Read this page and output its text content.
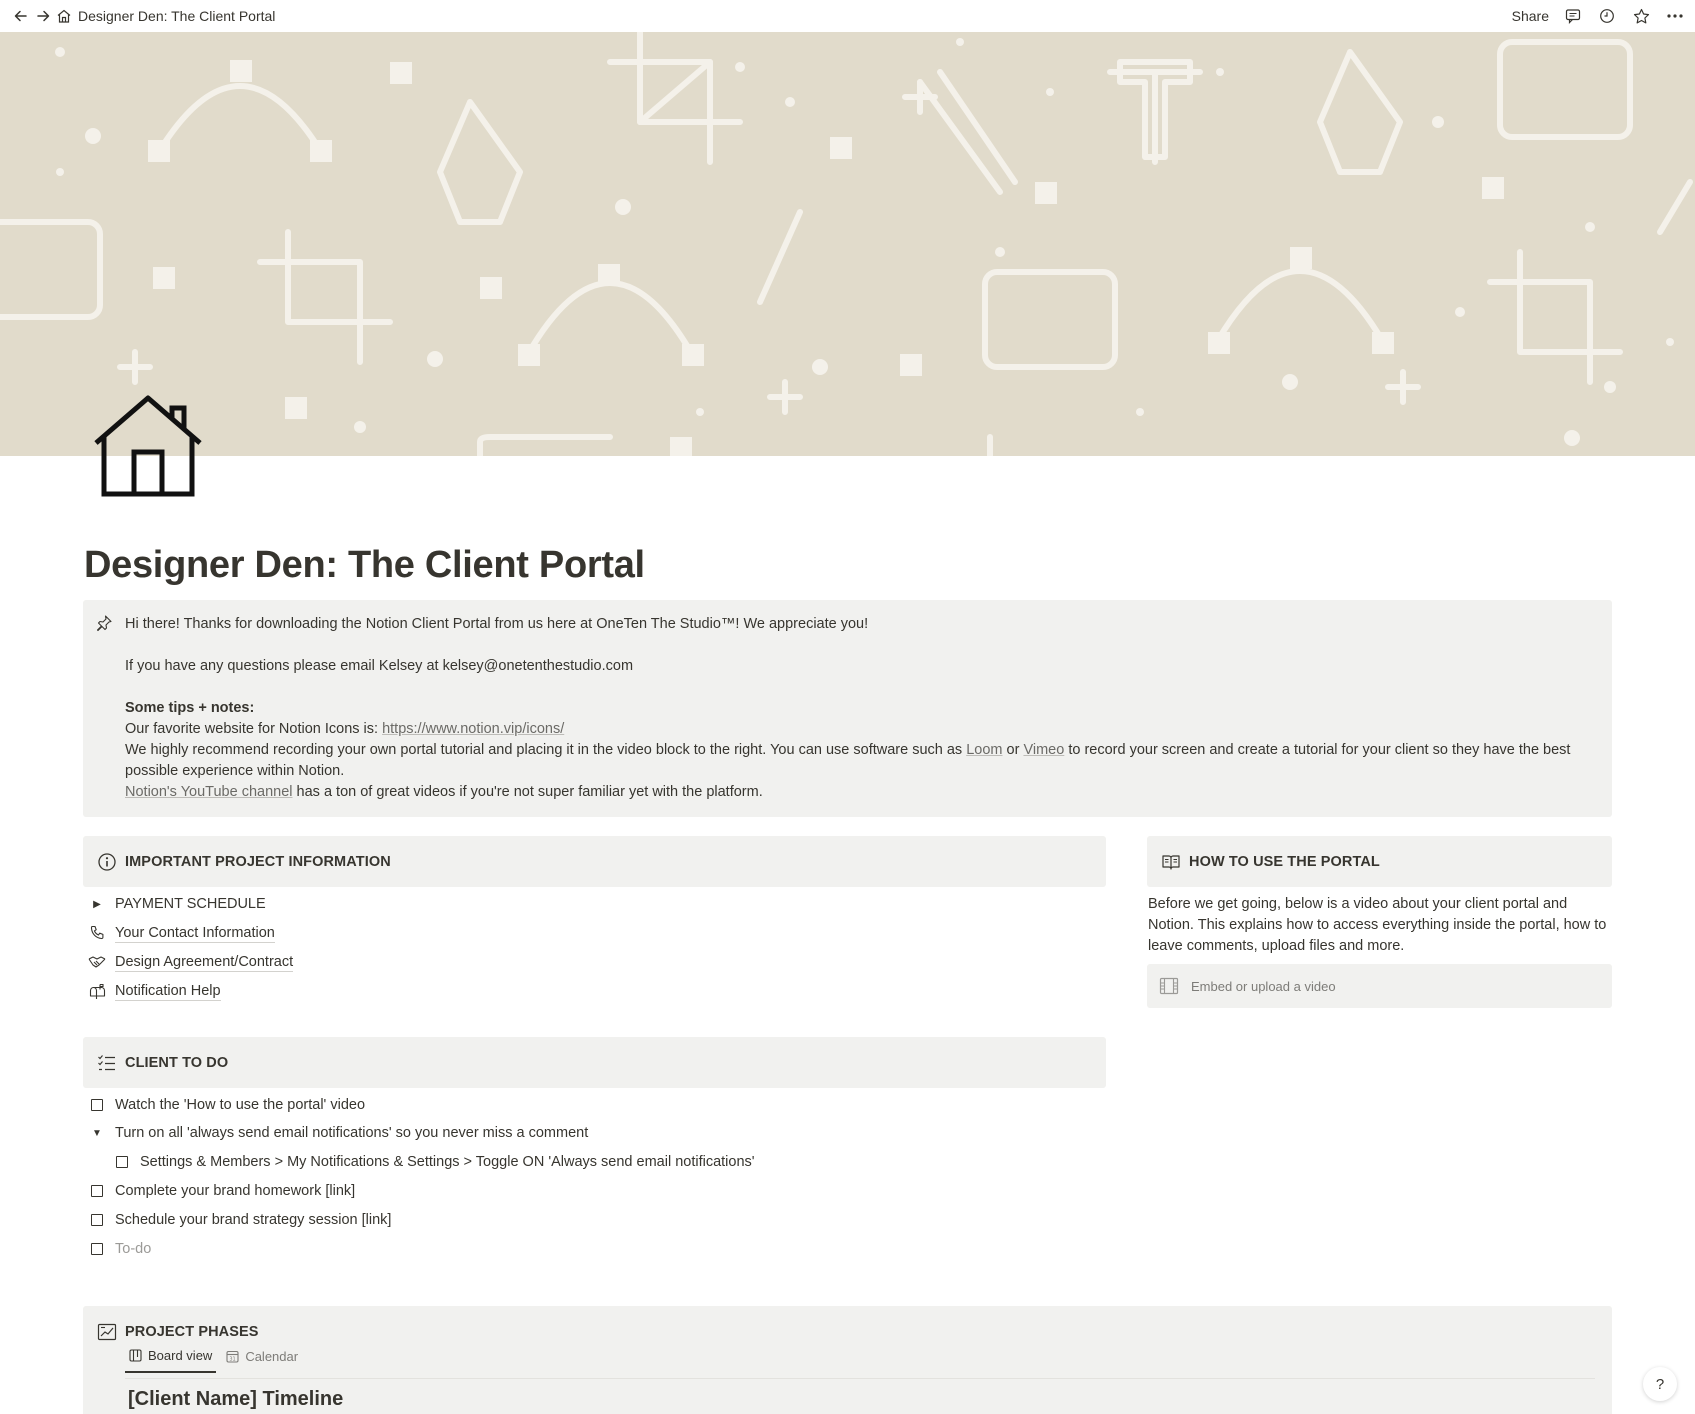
Designer Den: The Client Portal	Share
Designer Den: The Client Portal

Hi there! Thanks for downloading the Notion Client Portal from us here at OneTen The Studio™! We appreciate you!

If you have any questions please email Kelsey at kelsey@onetenthestudio.com

Some tips + notes:

Our favorite website for Notion Icons is: https://www.notion.vip/icons/

We highly recommend recording your own portal tutorial and placing it in the video block to the right. You can use software such as Loom or Vimeo to record your screen and create a tutorial for your client so they have the best possible experience within Notion.

Notion's YouTube channel has a ton of great videos if you're not super familiar yet with the platform.

IMPORTANT PROJECT INFORMATION
▶ PAYMENT SCHEDULE
Your Contact Information
Design Agreement/Contract
Notification Help
HOW TO USE THE PORTAL

Before we get going, below is a video about your client portal and Notion. This explains how to access everything inside the portal, how to leave comments, upload files and more.

Embed or upload a video
CLIENT TO DO
Watch the 'How to use the portal' video
▼ Turn on all 'always send email notifications' so you never miss a comment
Settings & Members > My Notifications & Settings > Toggle ON 'Always send email notifications'
Complete your brand homework [link]
Schedule your brand strategy session [link]
To-do
PROJECT PHASES
Board view	31 Calendar
[Client Name] Timeline
?
